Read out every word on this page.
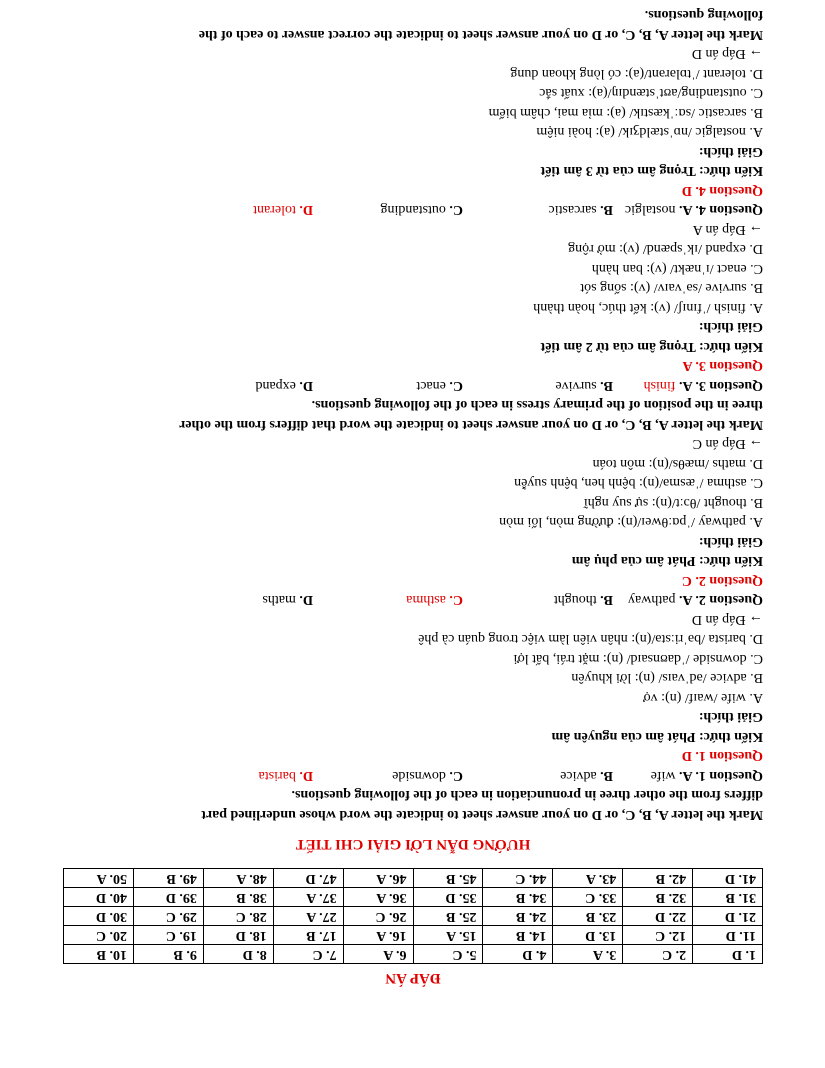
ĐÁP ÁN
1. D	2. C	3. A	4. D	5. C	6. A	7. C	8. D	9. B	10. B
11. D	12. C	13. D	14. B	15. A	16. A	17. B	18. D	19. C	20. C
21. D	22. D	23. B	24. B	25. B	26. C	27. A	28. C	29. C	30. D
31. B	32. B	33. C	34. B	35. D	36. A	37. A	38. B	39. D	40. D
41. D	42. B	43. A	44. C	45. B	46. A	47. D	48. A	49. B	50. A
HƯỚNG DẪN LỜI GIẢI CHI TIẾT
Mark the letter A, B, C, or D on your answer sheet to indicate the word whose underlined part
differs from the other three in pronunciation in each of the following questions.
Question 1. A. wife
B. advice
C. downside
D. barista
Question 1. D
Kiến thức: Phát âm của nguyên âm
Giải thích:
A. wife /waɪf/ (n): vợ
B. advice /ədˈvaɪs/ (n): lời khuyên
C. downside /ˈdaʊnsaɪd/ (n): mặt trái, bất lợi
D. barista /bəˈriːstə/(n): nhân viên làm việc trong quán cà phê
→ Đáp án D
Question 2. A. pathway
B. thought
C. asthma
D. maths
Question 2. C
Kiến thức: Phát âm của phụ âm
Giải thích:
A. pathway /ˈpɑːθweɪ/(n): đường mòn, lối mòn
B. thought /θɔːt/(n): sự suy nghĩ
C. asthma /ˈæsmə/(n): bệnh hen, bệnh suyễn
D. maths /mæθs/(n): môn toán
→ Đáp án C
Mark the letter A, B, C, or D on your answer sheet to indicate the word that differs from the other
three in the position of the primary stress in each of the following questions.
Question 3. A. finish
B. survive
C. enact
D. expand
Question 3. A
Kiến thức: Trọng âm của từ 2 âm tiết
Giải thích:
A. finish /ˈfɪnɪʃ/ (v): kết thúc, hoàn thành
B. survive /səˈvaɪv/ (v): sống sót
C. enact /ɪˈnækt/ (v): ban hành
D. expand /ɪkˈspænd/ (v): mở rộng
→ Đáp án A
Question 4. A. nostalgic
B. sarcastic
C. outstanding
D. tolerant
Question 4. D
Kiến thức: Trọng âm của từ 3 âm tiết
Giải thích:
A. nostalgic /nɒˈstældʒɪk/ (a): hoài niệm
B. sarcastic /sɑːˈkæstɪk/ (a): mỉa mai, châm biếm
C. outstanding/aʊtˈstændɪŋ/(a): xuất sắc
D. tolerant /ˈtɒlərənt/(a): có lòng khoan dung
→ Đáp án D
Mark the letter A, B, C, or D on your answer sheet to indicate the correct answer to each of the
following questions.
